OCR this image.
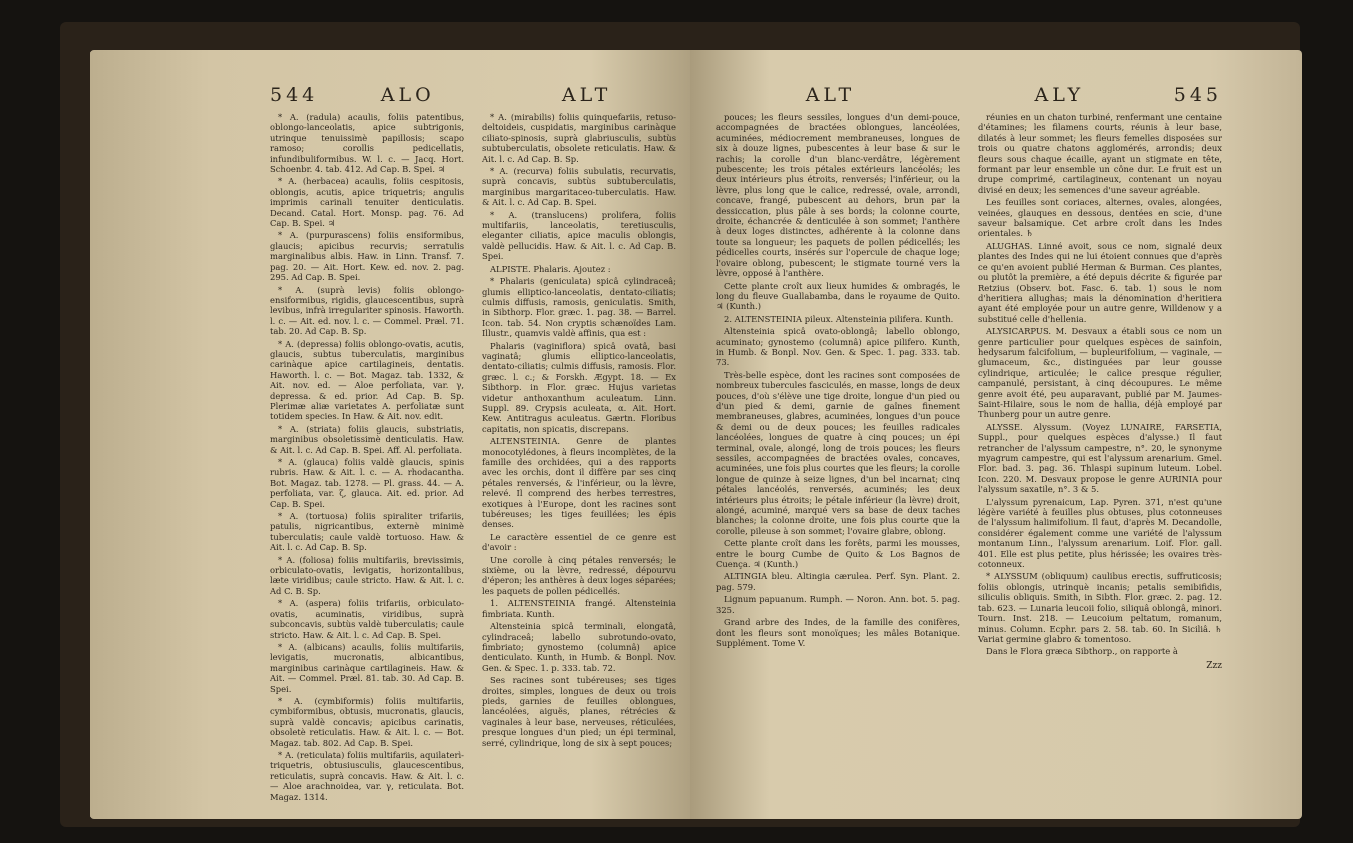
544	ALO	ALT

* A. (radula) acaulis, foliis patentibus, oblongo-lanceolatis, apice subtrigonis, utrinque tenuissimè papillosis; scapo ramoso; corollis pedicellatis, infundibuliformibus. W. l. c. — Jacq. Hort. Schoenbr. 4. tab. 412. Ad Cap. B. Spei. ♃

* A. (herbacea) acaulis, foliis cespitosis, oblongis, acutis, apice triquetris; angulis imprimis carinali tenuiter denticulatis. Decand. Catal. Hort. Monsp. pag. 76. Ad Cap. B. Spei. ♃

* A. (purpurascens) foliis ensiformibus, glaucis; apicibus recurvis; serratulis marginalibus albis. Haw. in Linn. Transf. 7. pag. 20. — Ait. Hort. Kew. ed. nov. 2. pag. 295. Ad Cap. B. Spei.

* A. (suprà levis) foliis oblongo-ensiformibus, rigidis, glaucescentibus, suprà levibus, infrà irregulariter spinosis. Haworth. l. c. — Ait. ed. nov. l. c. — Commel. Præl. 71. tab. 20. Ad Cap. B. Sp.

* A. (depressa) foliis oblongo-ovatis, acutis, glaucis, subtus tuberculatis, marginibus carinàque apice cartilagineis, dentatis. Haworth. l. c. — Bot. Magaz. tab. 1332, & Ait. nov. ed. — Aloe perfoliata, var. γ, depressa. & ed. prior. Ad Cap. B. Sp. Plerimæ aliæ varietates A. perfoliatæ sunt totidem species. In Haw. & Ait. nov. edit.

* A. (striata) foliis glaucis, substriatis, marginibus obsoletissimè denticulatis. Haw. & Ait. l. c. Ad Cap. B. Spei. Aff. Al. perfoliata.

* A. (glauca) foliis valdè glaucis, spinis rubris. Haw. & Ait. l. c. — A. rhodacantha. Bot. Magaz. tab. 1278. — Pl. grass. 44. — A. perfoliata, var. ζ, glauca. Ait. ed. prior. Ad Cap. B. Spei.

* A. (tortuosa) foliis spiraliter trifariis, patulis, nigricantibus, externè minimè tuberculatis; caule valdè tortuoso. Haw. & Ait. l. c. Ad Cap. B. Sp.

* A. (foliosa) foliis multifariis, brevissimis, orbiculato-ovatis, levigatis, horizontalibus, læte viridibus; caule stricto. Haw. & Ait. l. c. Ad C. B. Sp.

* A. (aspera) foliis trifariis, orbiculato-ovatis, acuminatis, viridibus, suprà subconcavis, subtùs valdè tuberculatis; caule stricto. Haw. & Ait. l. c. Ad Cap. B. Spei.

* A. (albicans) acaulis, foliis multifariis, levigatis, mucronatis, albicantibus, marginibus carinàque cartilagineis. Haw. & Ait. — Commel. Præl. 81. tab. 30. Ad Cap. B. Spei.

* A. (cymbiformis) foliis multifariis, cymbiformibus, obtusis, mucronatis, glaucis, suprà valdè concavis; apicibus carinatis, obsoletè reticulatis. Haw. & Ait. l. c. — Bot. Magaz. tab. 802. Ad Cap. B. Spei.

* A. (reticulata) foliis multifariis, aquilaterì-triquetris, obtusiusculis, glaucescentibus, reticulatis, suprà concavis. Haw. & Ait. l. c. — Aloe arachnoidea, var. γ, reticulata. Bot. Magaz. 1314.

* A. (mirabilis) foliis quinquefariis, retuso-deltoideis, cuspidatis, marginibus carinàque ciliato-spinosis, suprà glabriusculis, subtùs subtuberculatis, obsolete reticulatis. Haw. & Ait. l. c. Ad Cap. B. Sp.

* A. (recurva) foliis subulatis, recurvatis, suprà concavis, subtùs subtuberculatis, marginibus margaritaceo-tuberculatis. Haw. & Ait. l. c. Ad Cap. B. Spei.

* A. (translucens) prolifera, foliis multifariis, lanceolatis, teretiusculis, eleganter ciliatis, apice maculis oblongis, valdè pellucidis. Haw. & Ait. l. c. Ad Cap. B. Spei.

ALPISTE. Phalaris. Ajoutez :

* Phalaris (geniculata) spicâ cylindraceâ; glumis elliptico-lanceolatis, dentato-ciliatis; culmis diffusis, ramosis, geniculatis. Smith, in Sibthorp. Flor. græc. 1. pag. 38. — Barrel. Icon. tab. 54. Non cryptis schænoïdes Lam. Illustr., quamvis valdè affinis, qua est :

Phalaris (vaginiflora) spicâ ovatâ, basi vaginatâ; glumis elliptico-lanceolatis, dentato-ciliatis; culmis diffusis, ramosis. Flor. græc. l. c.; & Forskh. Ægypt. 18. — Ex Sibthorp. in Flor. græc. Hujus varietas videtur anthoxanthum aculeatum. Linn. Suppl. 89. Crypsis aculeata, α. Ait. Hort. Kew. Antitragus aculeatus. Gærtn. Floribus capitatis, non spicatis, discrepans.

ALTENSTEINIA. Genre de plantes monocotylédones, à fleurs incomplètes, de la famille des orchidées, qui a des rapports avec les orchis, dont il diffère par ses cinq pétales renversés, & l'inférieur, ou la lèvre, relevé. Il comprend des herbes terrestres, exotiques à l'Europe, dont les racines sont tubéreuses; les tiges feuillées; les épis denses.

Le caractère essentiel de ce genre est d'avoir :

Une corolle à cinq pétales renversés; le sixième, ou la lèvre, redressé, dépourvu d'éperon; les anthères à deux loges séparées; les paquets de pollen pédicellés.

1. ALTENSTEINIA frangé. Altensteinia fimbriata. Kunth.

Altensteinia spicâ terminali, elongatâ, cylindraceâ; labello subrotundo-ovato, fimbriato; gynostemo (columnâ) apice denticulato. Kunth, in Humb. & Bonpl. Nov. Gen. & Spec. 1. p. 333. tab. 72.

Ses racines sont tubéreuses; ses tiges droites, simples, longues de deux ou trois pieds, garnies de feuilles oblongues, lancéolées, aiguës, planes, rétrécies & vaginales à leur base, nerveuses, réticulées, presque longues d'un pied; un épi terminal, serré, cylindrique, long de six à sept pouces;

ALT	ALY	545

pouces; les fleurs sessiles, longues d'un demi-pouce, accompagnées de bractées oblongues, lancéolées, acuminées, médiocrement membraneuses, longues de six à douze lignes, pubescentes à leur base & sur le rachis; la corolle d'un blanc-verdâtre, légèrement pubescente; les trois pétales extérieurs lancéolés; les deux intérieurs plus étroits, renversés; l'inférieur, ou la lèvre, plus long que le calice, redressé, ovale, arrondi, concave, frangé, pubescent au dehors, brun par la dessiccation, plus pâle à ses bords; la colonne courte, droite, échancrée & denticulée à son sommet; l'anthère à deux loges distinctes, adhérente à la colonne dans toute sa longueur; les paquets de pollen pédicellés; les pédicelles courts, insérés sur l'opercule de chaque loge; l'ovaire oblong, pubescent; le stigmate tourné vers la lèvre, opposé à l'anthère.

Cette plante croît aux lieux humides & ombragés, le long du fleuve Guallabamba, dans le royaume de Quito. ♃ (Kunth.)

2. ALTENSTEINIA pileux. Altensteinia pilifera. Kunth.

Altensteinia spicâ ovato-oblongâ; labello oblongo, acuminato; gynostemo (columnâ) apice pilifero. Kunth, in Humb. & Bonpl. Nov. Gen. & Spec. 1. pag. 333. tab. 73.

Très-belle espèce, dont les racines sont composées de nombreux tubercules fasciculés, en masse, longs de deux pouces, d'où s'élève une tige droite, longue d'un pied ou d'un pied & demi, garnie de gaînes finement membraneuses, glabres, acuminées, longues d'un pouce & demi ou de deux pouces; les feuilles radicales lancéolées, longues de quatre à cinq pouces; un épi terminal, ovale, alongé, long de trois pouces; les fleurs sessiles, accompagnées de bractées ovales, concaves, acuminées, une fois plus courtes que les fleurs; la corolle longue de quinze à seize lignes, d'un bel incarnat; cinq pétales lancéolés, renversés, acuminés; les deux intérieurs plus étroits; le pétale inférieur (la lèvre) droit, alongé, acuminé, marqué vers sa base de deux taches blanches; la colonne droite, une fois plus courte que la corolle, pileuse à son sommet; l'ovaire glabre, oblong.

Cette plante croît dans les forêts, parmi les mousses, entre le bourg Cumbe de Quito & Los Bagnos de Cuença. ♃ (Kunth.)

ALTINGIA bleu. Altingia cærulea. Perf. Syn. Plant. 2. pag. 579.

Lignum papuanum. Rumph. — Noron. Ann. bot. 5. pag. 325.

Grand arbre des Indes, de la famille des conifères, dont les fleurs sont monoïques; les mâles Botanique. Supplément. Tome V.

réunies en un chaton turbiné, renfermant une centaine d'étamines; les filamens courts, réunis à leur base, dilatés à leur sommet; les fleurs femelles disposées sur trois ou quatre chatons agglomérés, arrondis; deux fleurs sous chaque écaille, ayant un stigmate en tête, formant par leur ensemble un cône dur. Le fruit est un drupe comprimé, cartilagineux, contenant un noyau divisé en deux; les semences d'une saveur agréable.

Les feuilles sont coriaces, alternes, ovales, alongées, veinées, glauques en dessous, dentées en scie, d'une saveur balsamique. Cet arbre croît dans les Indes orientales. ♄

ALUGHAS. Linné avoit, sous ce nom, signalé deux plantes des Indes qui ne lui étoient connues que d'après ce qu'en avoient publié Herman & Burman. Ces plantes, ou plutôt la première, a été depuis décrite & figurée par Retzius (Observ. bot. Fasc. 6. tab. 1) sous le nom d'heritiera allughas; mais la dénomination d'heritiera ayant été employée pour un autre genre, Willdenow y a substitué celle d'hellenia.

ALYSICARPUS. M. Desvaux a établi sous ce nom un genre particulier pour quelques espèces de sainfoin, hedysarum falcifolium, — bupleurifolium, — vaginale, — glumaceum, &c., distinguées par leur gousse cylindrique, articulée; le calice presque régulier, campanulé, persistant, à cinq découpures. Le même genre avoit été, peu auparavant, publié par M. Jaumes-Saint-Hilaire, sous le nom de hallia, déjà employé par Thunberg pour un autre genre.

ALYSSE. Alyssum. (Voyez LUNAIRE, FARSETIA, Suppl., pour quelques espèces d'alysse.) Il faut retrancher de l'alyssum campestre, n°. 20, le synonyme myagrum campestre, qui est l'alyssum arenarium. Gmel. Flor. bad. 3. pag. 36. Thlaspi supinum luteum. Lobel. Icon. 220. M. Desvaux propose le genre AURINIA pour l'alyssum saxatile, n°. 3 & 5.

L'alyssum pyrenaicum, Lap. Pyren. 371, n'est qu'une légère variété à feuilles plus obtuses, plus cotonneuses de l'alyssum halimifolium. Il faut, d'après M. Decandolle, considérer également comme une variété de l'alyssum montanum Linn., l'alyssum arenarium. Loif. Flor. gall. 401. Elle est plus petite, plus hérissée; les ovaires très-cotonneux.

* ALYSSUM (obliquum) caulibus erectis, suffruticosis; foliis oblongis, utrinquè incanis; petalis semibifidis, siliculis obliquis. Smith, in Sibth. Flor. græc. 2. pag. 12. tab. 623. — Lunaria leucoii folio, siliquâ oblongâ, minori. Tourn. Inst. 218. — Leucoium peltatum, romanum, minus. Column. Ecphr. pars 2. 58. tab. 60. In Siciliâ. ♄ Variat germine glabro & tomentoso.

Dans le Flora græca Sibthorp., on rapporte à

Zzz
